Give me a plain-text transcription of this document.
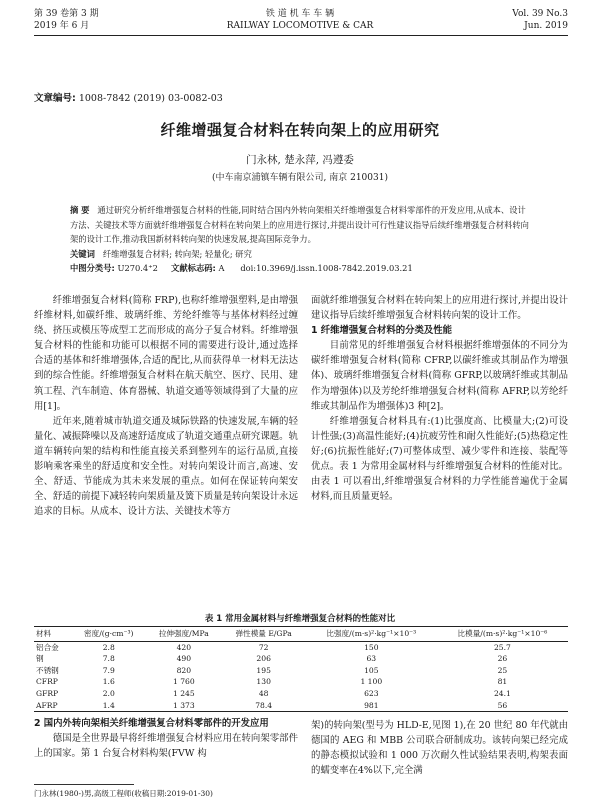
第 39 卷第 3 期
2019 年 6 月
铁 道 机 车 车 辆
RAILWAY LOCOMOTIVE & CAR
Vol. 39 No.3
Jun. 2019
文章编号: 1008-7842 (2019) 03-0082-03
纤维增强复合材料在转向架上的应用研究
门永林, 楚永萍, 冯遵委
(中车南京浦镇车辆有限公司, 南京 210031)
摘 要 通过研究分析纤维增强复合材料的性能,同时结合国内外转向架相关纤维增强复合材料零部件的开发应用,从成本、设计方法、关键技术等方面就纤维增强复合材料在转向架上的应用进行探讨,并提出设计可行性建议指导后续纤维增强复合材料转向架的设计工作,推动我国新材料转向架的快速发展,提高国际竞争力。
关键词 纤维增强复合材料; 转向架; 轻量化; 研究
中图分类号: U270.4⁺2 文献标志码: A doi:10.3969/j.issn.1008-7842.2019.03.21

纤维增强复合材料(简称 FRP),也称纤维增强塑料,是由增强纤维材料,如碳纤维、玻璃纤维、芳纶纤维等与基体材料经过缠绕、挤压或模压等成型工艺而形成的高分子复合材料。纤维增强复合材料的性能和功能可以根据不同的需要进行设计,通过选择合适的基体和纤维增强体,合适的配比,从而获得单一材料无法达到的综合性能。纤维增强复合材料在航天航空、医疗、民用、建筑工程、汽车制造、体育器械、轨道交通等领域得到了大量的应用[1]。

近年来,随着城市轨道交通及城际铁路的快速发展,车辆的轻量化、减振降噪以及高速舒适度成了轨道交通重点研究课题。轨道车辆转向架的结构和性能直接关系到整列车的运行品质,直接影响乘客乘坐的舒适度和安全性。对转向架设计而言,高速、安全、舒适、节能成为其未来发展的重点。如何在保证转向架安全、舒适的前提下减轻转向架质量及簧下质量是转向架设计永远追求的目标。从成本、设计方法、关键技术等方

面就纤维增强复合材料在转向架上的应用进行探讨,并提出设计建议指导后续纤维增强复合材料转向架的设计工作。

1 纤维增强复合材料的分类及性能

目前常见的纤维增强复合材料根据纤维增强体的不同分为碳纤维增强复合材料(简称 CFRP,以碳纤维或其制品作为增强体)、玻璃纤维增强复合材料(简称 GFRP,以玻璃纤维或其制品作为增强体)以及芳纶纤维增强复合材料(简称 AFRP,以芳纶纤维或其制品作为增强体)3 种[2]。

纤维增强复合材料具有:(1)比强度高、比模量大;(2)可设计性强;(3)高温性能好;(4)抗疲劳性和耐久性能好;(5)热稳定性好;(6)抗振性能好;(7)可整体成型、减少零件和连接、装配等优点。表 1 为常用金属材料与纤维增强复合材料的性能对比。由表 1 可以看出,纤维增强复合材料的力学性能普遍优于金属材料,而且质量更轻。

表 1 常用金属材料与纤维增强复合材料的性能对比
材料	密度/(g·cm⁻³)	拉伸强度/MPa	弹性模量 E/GPa	比强度/(m·s)²·kg⁻¹×10⁻³	比模量/(m·s)²·kg⁻¹×10⁻⁶
铝合金	2.8	420	72	150	25.7
钢	7.8	490	206	63	26
不锈钢	7.9	820	195	105	25
CFRP	1.6	1 760	130	1 100	81
GFRP	2.0	1 245	48	623	24.1
AFRP	1.4	1 373	78.4	981	56

2 国内外转向架相关纤维增强复合材料零部件的开发应用

德国是全世界最早将纤维增强复合材料应用在转向架零部件上的国家。第 1 台复合材料构架(FVW 构

架)的转向架(型号为 HLD-E,见图 1),在 20 世纪 80 年代就由德国的 AEG 和 MBB 公司联合研制成功。该转向架已经完成的静态模拟试验和 1 000 万次耐久性试验结果表明,构架表面的蠕变率在4%以下,完全满

门永林(1980-)男,高级工程师(收稿日期:2019-01-30)
